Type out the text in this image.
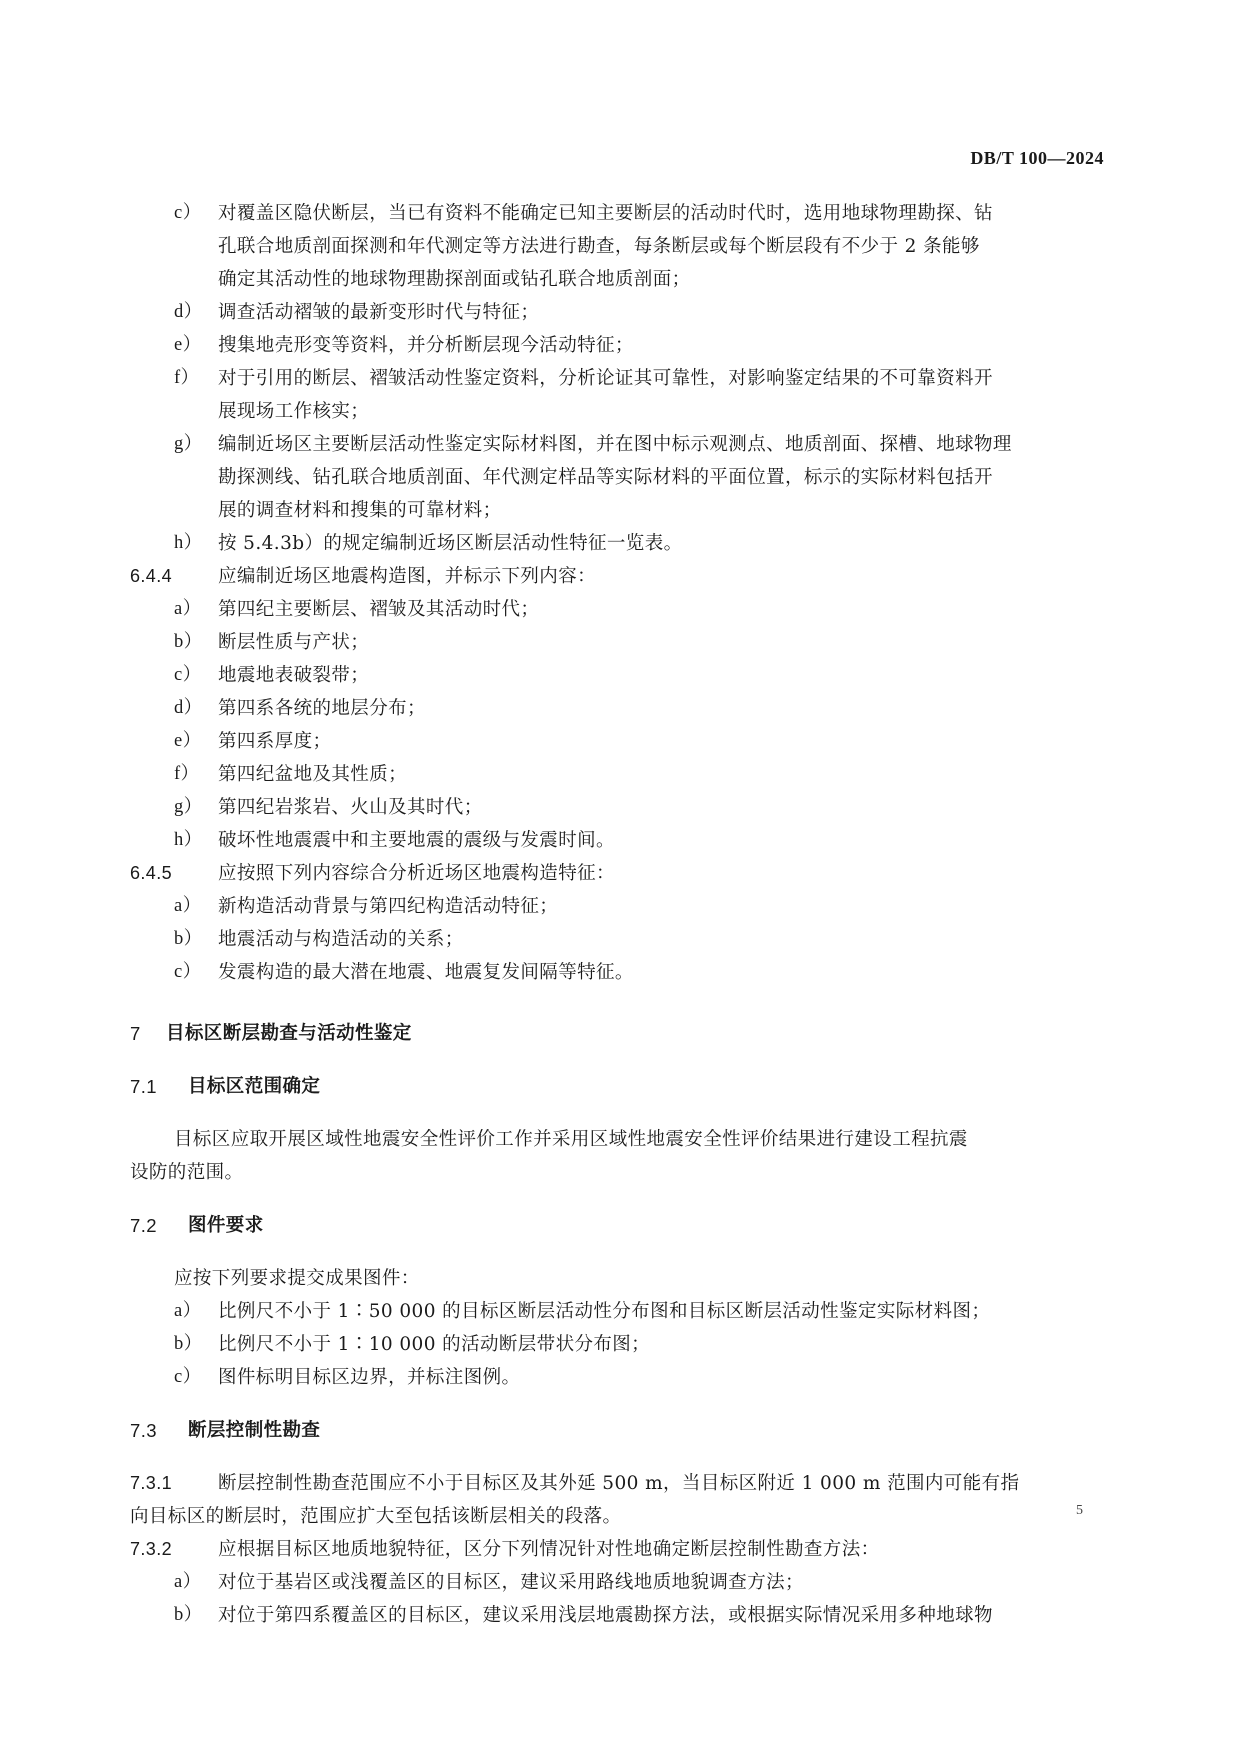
DB/T 100—2024
c） 对覆盖区隐伏断层，当已有资料不能确定已知主要断层的活动时代时，选用地球物理勘探、钻
孔联合地质剖面探测和年代测定等方法进行勘查，每条断层或每个断层段有不少于 2 条能够
确定其活动性的地球物理勘探剖面或钻孔联合地质剖面；
d） 调查活动褶皱的最新变形时代与特征；
e） 搜集地壳形变等资料，并分析断层现今活动特征；
f）	对于引用的断层、褶皱活动性鉴定资料，分析论证其可靠性，对影响鉴定结果的不可靠资料开
展现场工作核实；
g） 编制近场区主要断层活动性鉴定实际材料图，并在图中标示观测点、地质剖面、探槽、地球物理
勘探测线、钻孔联合地质剖面、年代测定样品等实际材料的平面位置，标示的实际材料包括开
展的调查材料和搜集的可靠材料；
h） 按 5.4.3b）的规定编制近场区断层活动性特征一览表。
6.4.4	应编制近场区地震构造图，并标示下列内容：
a） 第四纪主要断层、褶皱及其活动时代；
b） 断层性质与产状；
c） 地震地表破裂带；
d） 第四系各统的地层分布；
e） 第四系厚度；
f）	第四纪盆地及其性质；
g） 第四纪岩浆岩、火山及其时代；
h） 破坏性地震震中和主要地震的震级与发震时间。
6.4.5	应按照下列内容综合分析近场区地震构造特征：
a） 新构造活动背景与第四纪构造活动特征；
b） 地震活动与构造活动的关系；
c） 发震构造的最大潜在地震、地震复发间隔等特征。
7	目标区断层勘查与活动性鉴定
7.1	目标区范围确定
目标区应取开展区域性地震安全性评价工作并采用区域性地震安全性评价结果进行建设工程抗震
设防的范围。
7.2	图件要求
应按下列要求提交成果图件：
a） 比例尺不小于 1∶50 000 的目标区断层活动性分布图和目标区断层活动性鉴定实际材料图；
b） 比例尺不小于 1∶10 000 的活动断层带状分布图；
c） 图件标明目标区边界，并标注图例。
7.3	断层控制性勘查
7.3.1	断层控制性勘查范围应不小于目标区及其外延 500 m，当目标区附近 1 000 m 范围内可能有指
向目标区的断层时，范围应扩大至包括该断层相关的段落。
7.3.2	应根据目标区地质地貌特征，区分下列情况针对性地确定断层控制性勘查方法：
a） 对位于基岩区或浅覆盖区的目标区，建议采用路线地质地貌调查方法；
b） 对位于第四系覆盖区的目标区，建议采用浅层地震勘探方法，或根据实际情况采用多种地球物
5
